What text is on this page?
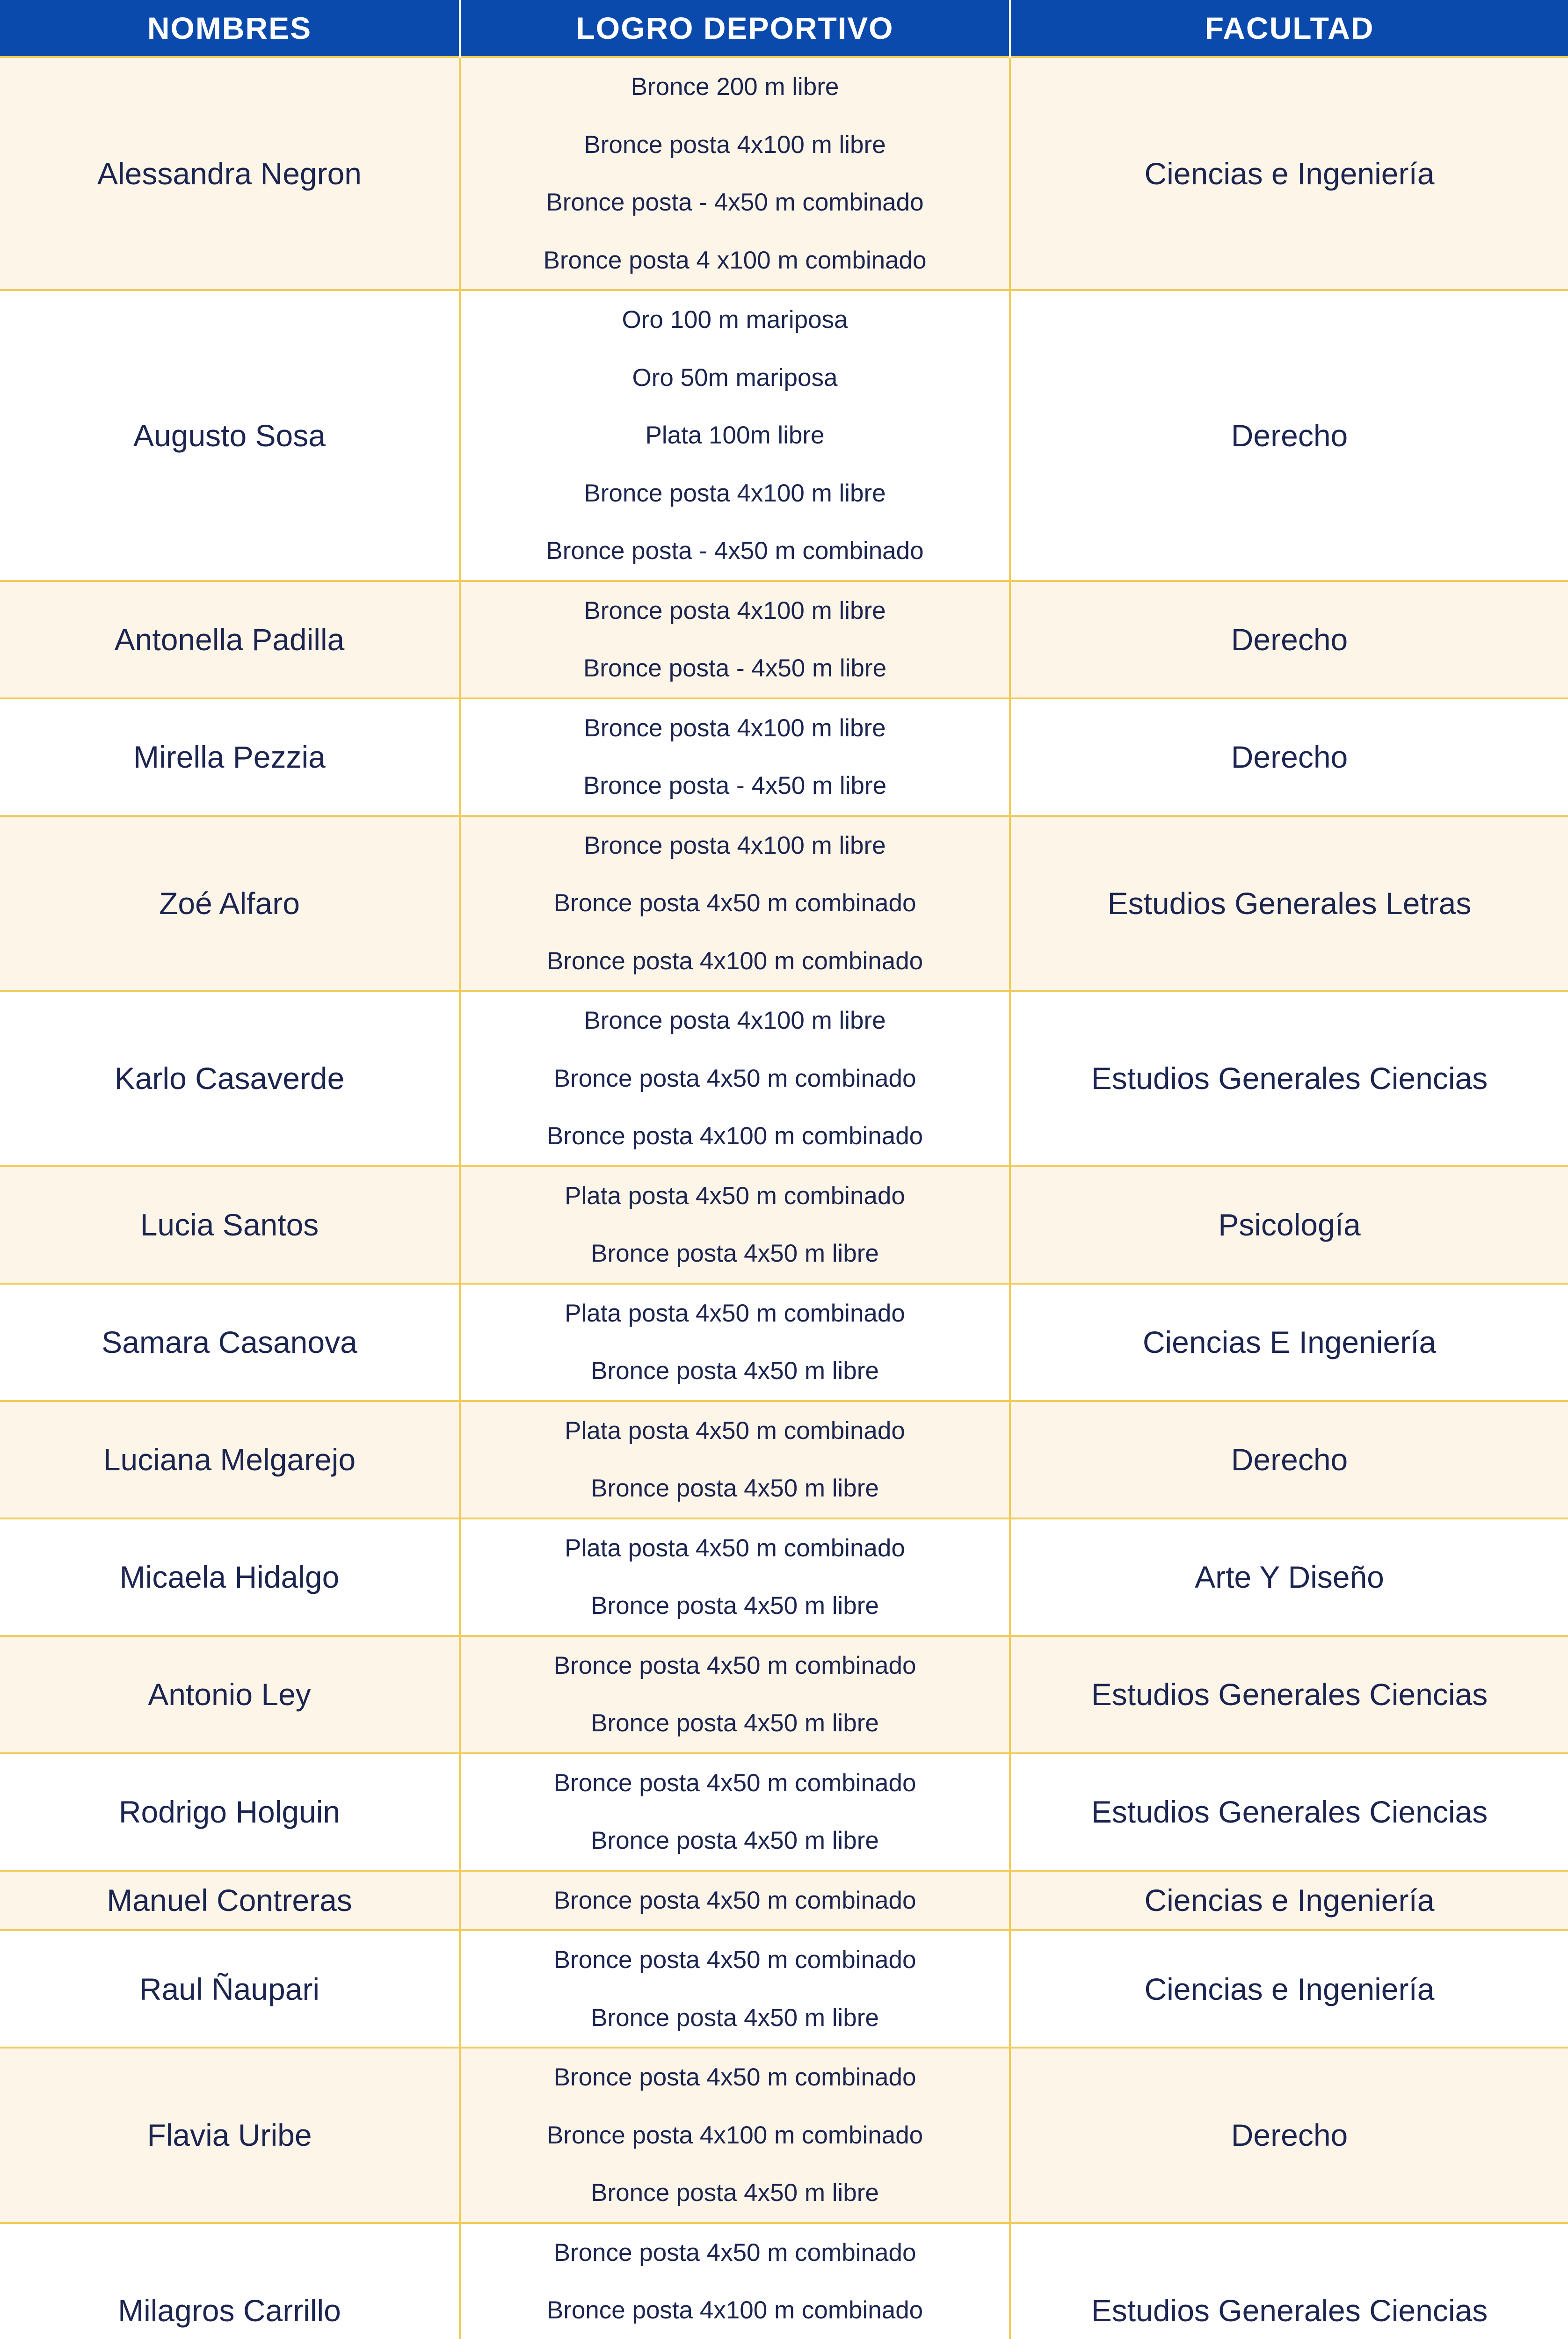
NOMBRES	LOGRO DEPORTIVO	FACULTAD
Alessandra Negron	Bronce 200 m libre
Bronce posta 4x100 m libre
Bronce posta - 4x50 m combinado
Bronce posta 4 x100 m combinado	Ciencias e Ingeniería
Augusto Sosa	Oro 100 m mariposa
Oro 50m mariposa
Plata 100m libre
Bronce posta 4x100 m libre
Bronce posta - 4x50 m combinado	Derecho
Antonella Padilla	Bronce posta 4x100 m libre
Bronce posta - 4x50 m libre	Derecho
Mirella Pezzia	Bronce posta 4x100 m libre
Bronce posta - 4x50 m libre	Derecho
Zoé Alfaro	Bronce posta 4x100 m libre
Bronce posta 4x50 m combinado
Bronce posta 4x100 m combinado	Estudios Generales Letras
Karlo Casaverde	Bronce posta 4x100 m libre
Bronce posta 4x50 m combinado
Bronce posta 4x100 m combinado	Estudios Generales Ciencias
Lucia Santos	Plata posta 4x50 m combinado
Bronce posta 4x50 m libre	Psicología
Samara Casanova	Plata posta 4x50 m combinado
Bronce posta 4x50 m libre	Ciencias E Ingeniería
Luciana Melgarejo	Plata posta 4x50 m combinado
Bronce posta 4x50 m libre	Derecho
Micaela Hidalgo	Plata posta 4x50 m combinado
Bronce posta 4x50 m libre	Arte Y Diseño
Antonio Ley	Bronce posta 4x50 m combinado
Bronce posta 4x50 m libre	Estudios Generales Ciencias
Rodrigo Holguin	Bronce posta 4x50 m combinado
Bronce posta 4x50 m libre	Estudios Generales Ciencias
Manuel Contreras	Bronce posta 4x50 m combinado	Ciencias e Ingeniería
Raul Ñaupari	Bronce posta 4x50 m combinado
Bronce posta 4x50 m libre	Ciencias e Ingeniería
Flavia Uribe	Bronce posta 4x50 m combinado
Bronce posta 4x100 m combinado
Bronce posta 4x50 m libre	Derecho
Milagros Carrillo	Bronce posta 4x50 m combinado
Bronce posta 4x100 m combinado	Estudios Generales Ciencias
